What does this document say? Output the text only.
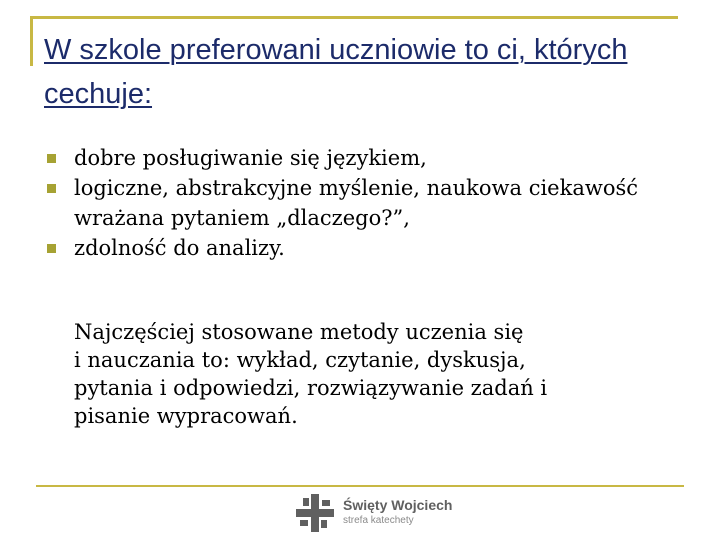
W szkole preferowani uczniowie to ci, których cechuje:
dobre posługiwanie się językiem,
logiczne, abstrakcyjne myślenie, naukowa ciekawość wrażana pytaniem „dlaczego?”,
zdolność do analizy.

Najczęściej stosowane metody uczenia się
i nauczania to: wykład, czytanie, dyskusja,
pytania i odpowiedzi, rozwiązywanie zadań i
pisanie wypracowań.

Święty Wojciech
strefa katechety
